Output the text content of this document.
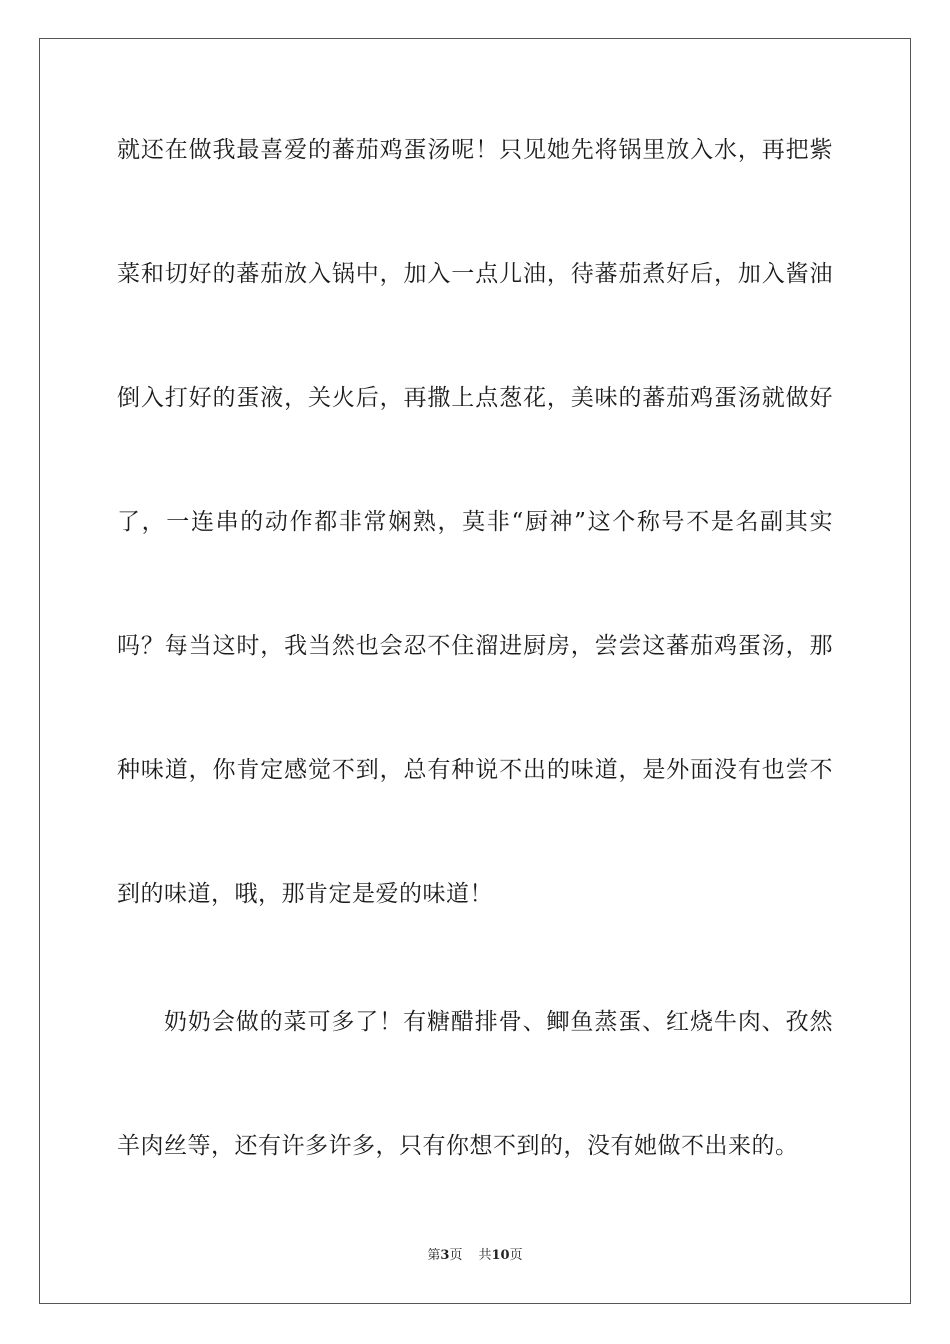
就还在做我最喜爱的蕃茄鸡蛋汤呢！只见她先将锅里放入水，再把紫
菜和切好的蕃茄放入锅中，加入一点儿油，待蕃茄煮好后，加入酱油
倒入打好的蛋液，关火后，再撒上点葱花，美味的蕃茄鸡蛋汤就做好
了，一连串的动作都非常娴熟，莫非“厨神”这个称号不是名副其实
吗？每当这时，我当然也会忍不住溜进厨房，尝尝这蕃茄鸡蛋汤，那
种味道，你肯定感觉不到，总有种说不出的味道，是外面没有也尝不
到的味道，哦，那肯定是爱的味道！
奶奶会做的菜可多了！有糖醋排骨、鲫鱼蒸蛋、红烧牛肉、孜然
羊肉丝等，还有许多许多，只有你想不到的，没有她做不出来的。
第3页 共10页
